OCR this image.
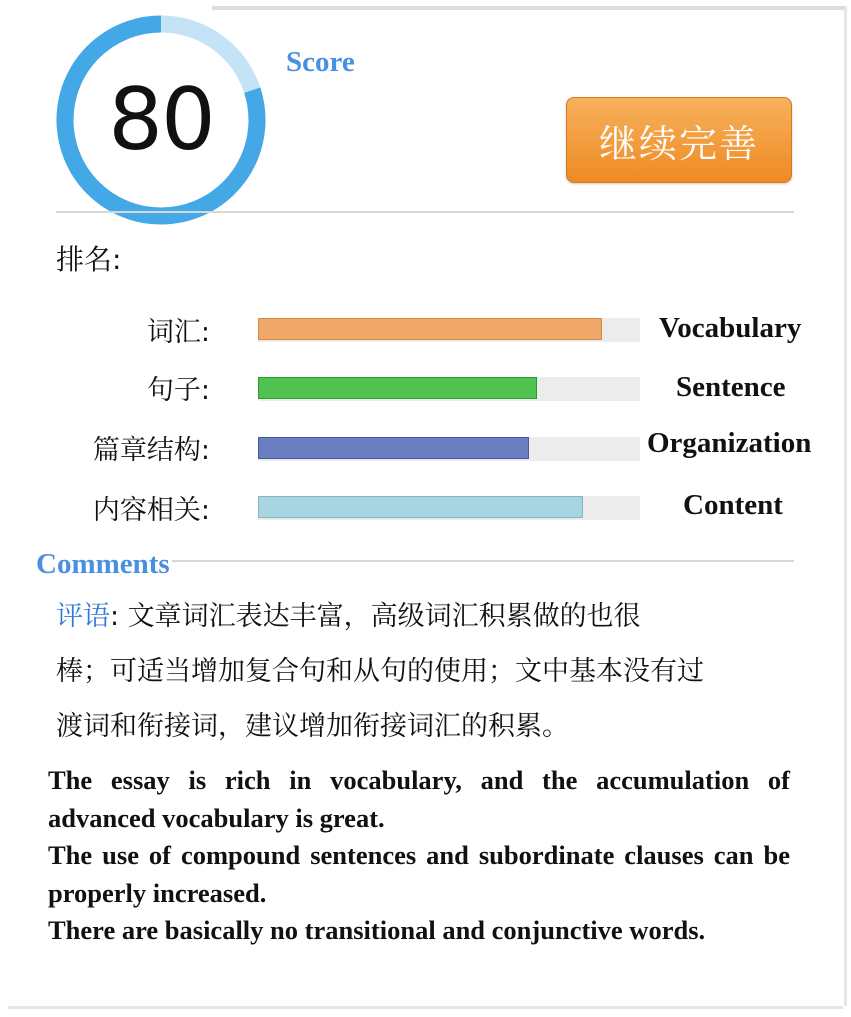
80
Score
继续完善
排名:
词汇:	Vocabulary
句子:	Sentence
篇章结构:	Organization
内容相关:	Content
Comments
评语: 文章词汇表达丰富，高级词汇积累做的也很
棒；可适当增加复合句和从句的使用；文中基本没有过
渡词和衔接词，建议增加衔接词汇的积累。

The essay is rich in vocabulary, and the accumulation of advanced vocabulary is great.

The use of compound sentences and subordinate clauses can be properly increased.

There are basically no transitional and conjunctive words.
